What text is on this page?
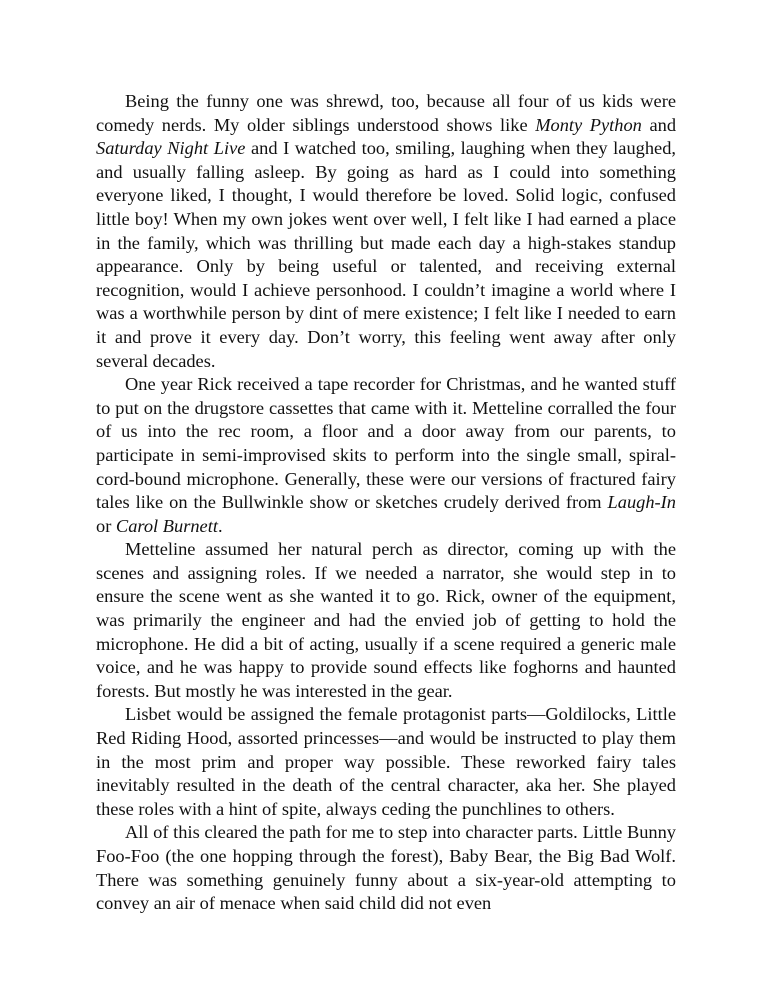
Being the funny one was shrewd, too, because all four of us kids were comedy nerds. My older siblings understood shows like Monty Python and Saturday Night Live and I watched too, smiling, laughing when they laughed, and usually falling asleep. By going as hard as I could into something everyone liked, I thought, I would therefore be loved. Solid logic, confused little boy! When my own jokes went over well, I felt like I had earned a place in the family, which was thrilling but made each day a high-stakes standup appearance. Only by being useful or talented, and receiving external recognition, would I achieve personhood. I couldn’t imagine a world where I was a worthwhile person by dint of mere existence; I felt like I needed to earn it and prove it every day. Don’t worry, this feeling went away after only several decades.

One year Rick received a tape recorder for Christmas, and he wanted stuff to put on the drugstore cassettes that came with it. Metteline corralled the four of us into the rec room, a floor and a door away from our parents, to participate in semi-improvised skits to perform into the single small, spiral-cord-bound microphone. Generally, these were our versions of fractured fairy tales like on the Bullwinkle show or sketches crudely derived from Laugh-In or Carol Burnett.

Metteline assumed her natural perch as director, coming up with the scenes and assigning roles. If we needed a narrator, she would step in to ensure the scene went as she wanted it to go. Rick, owner of the equipment, was primarily the engineer and had the envied job of getting to hold the microphone. He did a bit of acting, usually if a scene required a generic male voice, and he was happy to provide sound effects like foghorns and haunted forests. But mostly he was interested in the gear.

Lisbet would be assigned the female protagonist parts—Goldilocks, Little Red Riding Hood, assorted princesses—and would be instructed to play them in the most prim and proper way possible. These reworked fairy tales inevitably resulted in the death of the central character, aka her. She played these roles with a hint of spite, always ceding the punchlines to others.

All of this cleared the path for me to step into character parts. Little Bunny Foo-Foo (the one hopping through the forest), Baby Bear, the Big Bad Wolf. There was something genuinely funny about a six-year-old attempting to convey an air of menace when said child did not even
